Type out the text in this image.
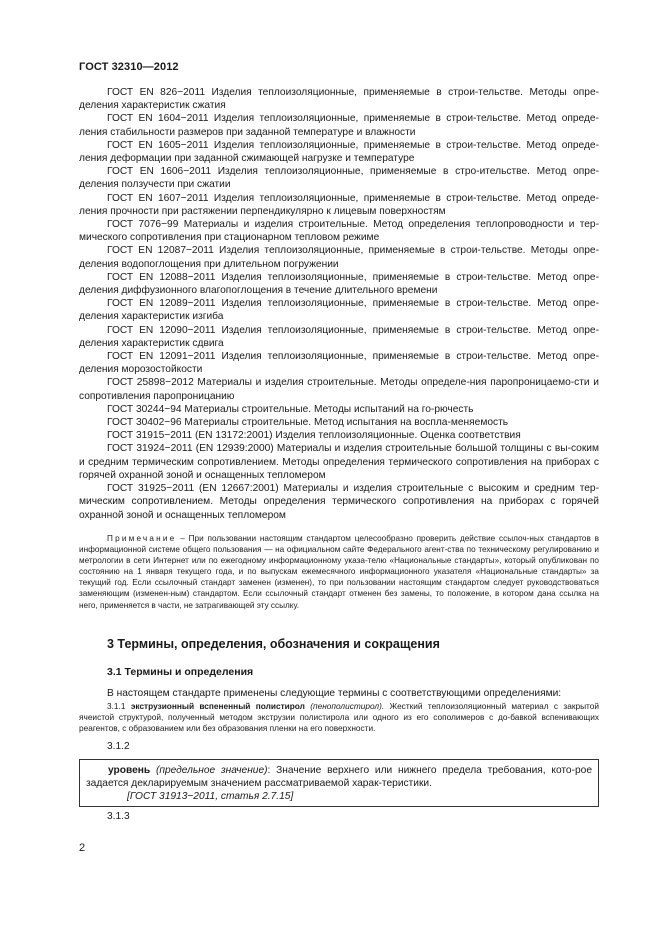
ГОСТ 32310—2012

ГОСТ EN 826−2011 Изделия теплоизоляционные, применяемые в строи-тельстве. Методы опре-деления характеристик сжатия

ГОСТ EN 1604−2011 Изделия теплоизоляционные, применяемые в строи-тельстве. Метод опреде-ления стабильности размеров при заданной температуре и влажности

ГОСТ EN 1605−2011 Изделия теплоизоляционные, применяемые в строи-тельстве. Метод опреде-ления деформации при заданной сжимающей нагрузке и температуре

ГОСТ EN 1606−2011 Изделия теплоизоляционные, применяемые в стро-ительстве. Метод опре-деления ползучести при сжатии

ГОСТ EN 1607−2011 Изделия теплоизоляционные, применяемые в строи-тельстве. Метод опреде-ления прочности при растяжении перпендикулярно к лицевым поверхностям

ГОСТ 7076−99 Материалы и изделия строительные. Метод определения теплопроводности и тер-мического сопротивления при стационарном тепловом режиме

ГОСТ EN 12087−2011 Изделия теплоизоляционные, применяемые в строи-тельстве. Методы опре-деления водопоглощения при длительном погружении

ГОСТ EN 12088−2011 Изделия теплоизоляционные, применяемые в строи-тельстве. Метод опре-деления диффузионного влагопоглощения в течение длительного времени

ГОСТ EN 12089−2011 Изделия теплоизоляционные, применяемые в строи-тельстве. Метод опре-деления характеристик изгиба

ГОСТ EN 12090−2011 Изделия теплоизоляционные, применяемые в строи-тельстве. Метод опре-деления характеристик сдвига

ГОСТ EN 12091−2011 Изделия теплоизоляционные, применяемые в строи-тельстве. Метод опре-деления морозостойкости

ГОСТ 25898−2012 Материалы и изделия строительные. Методы определе-ния паропроницаемо-сти и сопротивления паропроницанию

ГОСТ 30244−94 Материалы строительные. Методы испытаний на го-рючесть

ГОСТ 30402−96 Материалы строительные. Метод испытания на воспла-меняемость

ГОСТ 31915−2011 (EN 13172:2001) Изделия теплоизоляционные. Оценка соответствия

ГОСТ 31924−2011 (EN 12939:2000) Материалы и изделия строительные большой толщины с вы-соким и средним термическим сопротивлением. Методы определения термического сопротивления на приборах с горячей охранной зоной и оснащенных тепломером

ГОСТ 31925−2011 (EN 12667:2001) Материалы и изделия строительные с высоким и средним тер-мическим сопротивлением. Методы определения термического сопротивления на приборах с горячей охранной зоной и оснащенных тепломером

Примечание – При пользовании настоящим стандартом целесообразно проверить действие ссылоч-ных стандартов в информационной системе общего пользования — на официальном сайте Федерального агент-ства по техническому регулированию и метрологии в сети Интернет или по ежегодному информационному указа-телю «Национальные стандарты», который опубликован по состоянию на 1 января текущего года, и по выпускам ежемесячного информационного указателя «Национальные стандарты» за текущий год. Если ссылочный стандарт заменен (изменен), то при пользовании настоящим стандартом следует руководствоваться заменяющим (изменен-ным) стандартом. Если ссылочный стандарт отменен без замены, то положение, в котором дана ссылка на него, применяется в части, не затрагивающей эту ссылку.

3 Термины, определения, обозначения и сокращения
3.1 Термины и определения

В настоящем стандарте применены следующие термины с соответствующими определениями:

3.1.1 экструзионный вспененный полистирол (пенополистирол). Жесткий теплоизоляционный материал с закрытой ячеистой структурой, полученный методом экструзии полистирола или одного из его сополимеров с до-бавкой вспенивающих реагентов, с образованием или без образования пленки на его поверхности.

3.1.2

уровень (предельное значение): Значение верхнего или нижнего предела требования, кото-рое задается декларируемым значением рассматриваемой харак-теристики.

[ГОСТ 31913−2011, статья 2.7.15]

3.1.3

2
